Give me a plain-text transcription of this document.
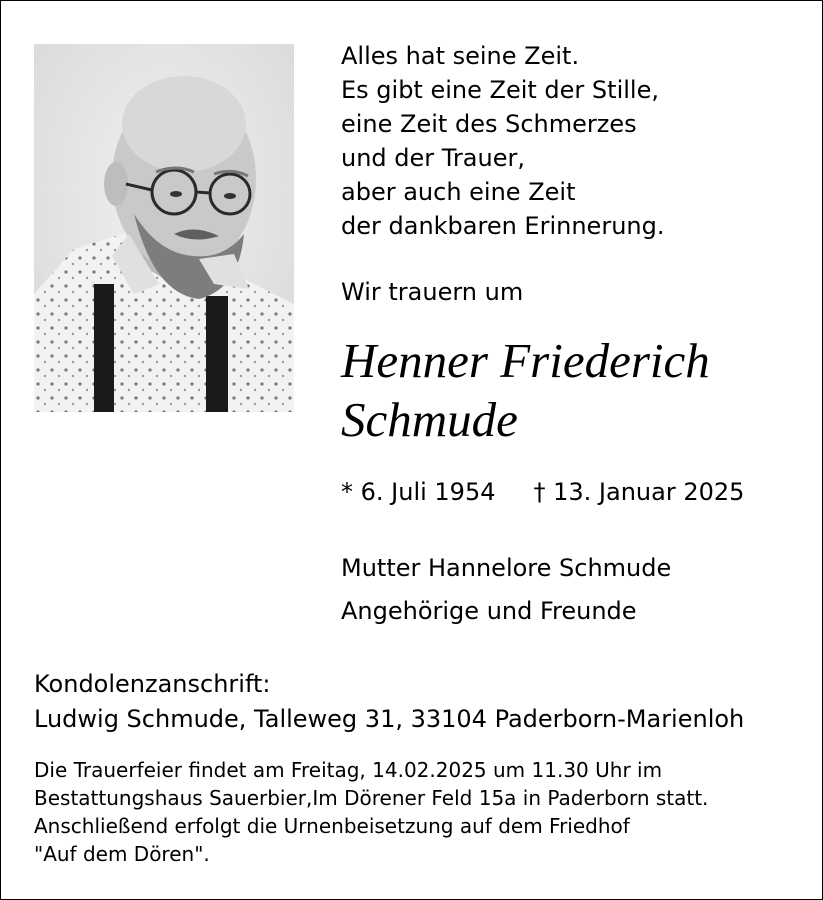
Alles hat seine Zeit.
Es gibt eine Zeit der Stille,
eine Zeit des Schmerzes
und der Trauer,
aber auch eine Zeit
der dankbaren Erinnerung.
Wir trauern um
Henner Friederich
Schmude
* 6. Juli 1954 † 13. Januar 2025
Mutter Hannelore Schmude
Angehörige und Freunde
Kondolenzanschrift:
Ludwig Schmude, Talleweg 31, 33104 Paderborn-Marienloh
Die Trauerfeier findet am Freitag, 14.02.2025 um 11.30 Uhr im
Bestattungshaus Sauerbier,Im Dörener Feld 15a in Paderborn statt.
Anschließend erfolgt die Urnenbeisetzung auf dem Friedhof
"Auf dem Dören".
